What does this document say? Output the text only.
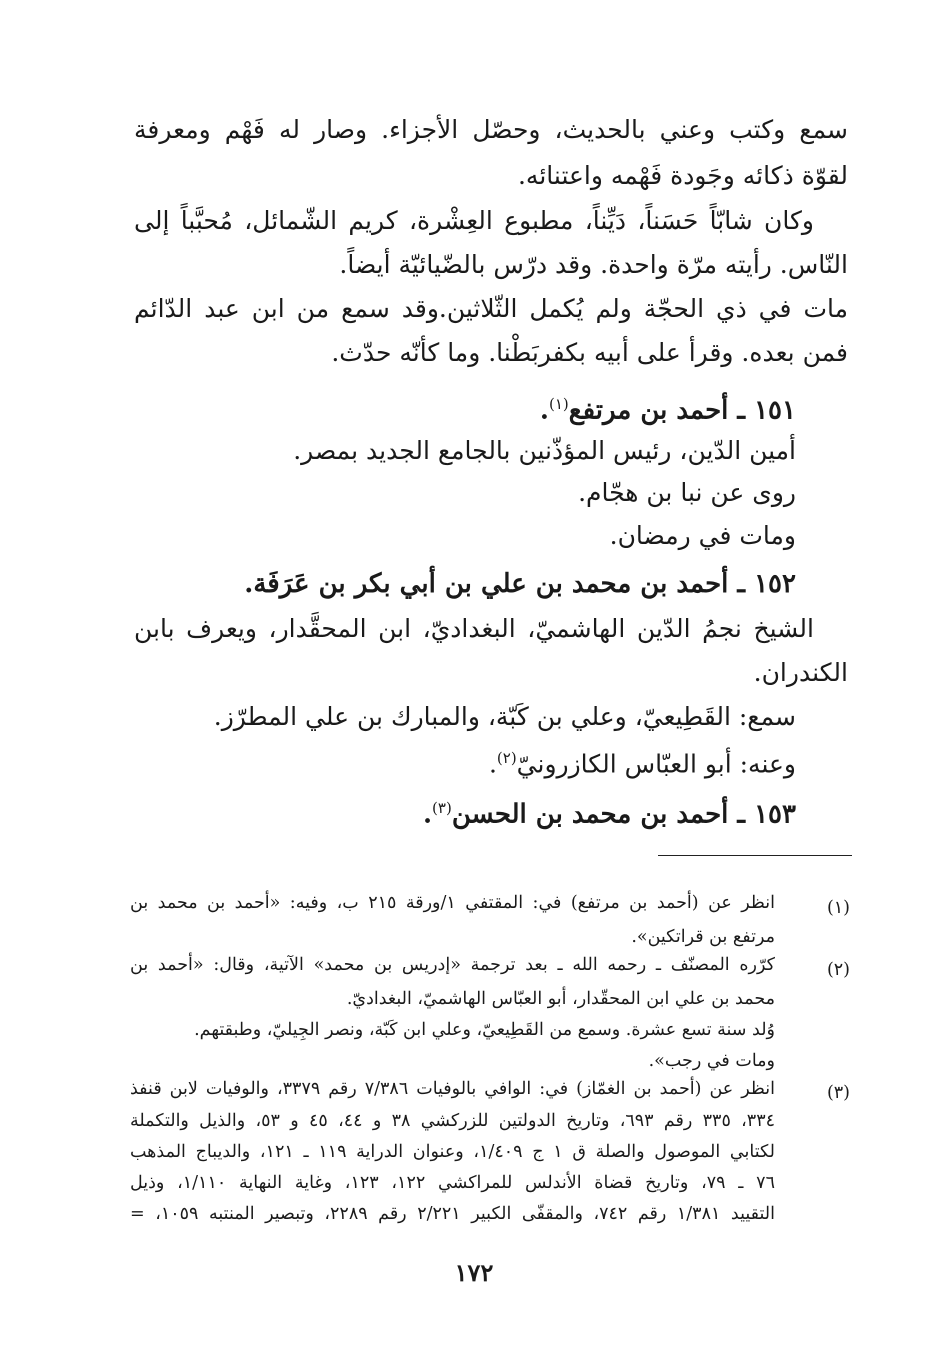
سمع وكتب وعني بالحديث، وحصّل الأجزاء. وصار له فَهْم ومعرفة
لقوّة ذكائه وجَودة فَهْمه واعتنائه.
وكان شابّاً حَسَناً، دَيِّناً، مطبوع العِشْرة، كريم الشّمائل، مُحبَّباً إلى
النّاس. رأيته مرّة واحدة. وقد درّس بالضّيائيّة أيضاً.
مات في ذي الحجّة ولم يُكمل الثّلاثين.وقد سمع من ابن عبد الدّائم
فمن بعده. وقرأ على أبيه بكفربَطْنا. وما كأنّه حدّث.
١٥١ ـ أحمد بن مرتفع$^{(١)}$.
أمين الدّين، رئيس المؤذّنين بالجامع الجديد بمصر.
روى عن نبا بن هجّام.
ومات في رمضان.
١٥٢ ـ أحمد بن محمد بن علي بن أبي بكر بن عَرَفَة.
الشيخ نجمُ الدّين الهاشميّ، البغداديّ، ابن المحقَّدار، ويعرف بابن
الكندران.
سمع: القَطِيعيّ، وعلي بن كَبّة، والمبارك بن علي المطرّز.
وعنه: أبو العبّاس الكازرونيّ$^{(٢)}$.
١٥٣ ـ أحمد بن محمد بن الحسن$^{(٣)}$.
(١)
انظر عن (أحمد بن مرتفع) في: المقتفي ١/ورقة ٢١٥ ب، وفيه: «أحمد بن محمد بن
مرتفع بن قراتكين».
(٢)
كرّره المصنّف ـ رحمه الله ـ بعد ترجمة «إدريس بن محمد» الآتية، وقال: «أحمد بن
محمد بن علي ابن المحقّدار، أبو العبّاس الهاشميّ، البغداديّ.
وُلد سنة تسع عشرة. وسمع من القَطِيعيّ، وعلي ابن كَبّة، ونصر الجِيليّ، وطبقتهم.
ومات في رجب».
(٣)
انظر عن (أحمد بن الغمّاز) في: الوافي بالوفيات ٧/٣٨٦ رقم ٣٣٧٩، والوفيات لابن قنفذ
٣٣٤، ٣٣٥ رقم ٦٩٣، وتاريخ الدولتين للزركشي ٣٨ و ٤٤، ٤٥ و ٥٣، والذيل والتكملة
لكتابي الموصول والصلة ق ١ ج ١/٤٠٩، وعنوان الدراية ١١٩ ـ ١٢١، والديباج المذهب
٧٦ ـ ٧٩، وتاريخ قضاة الأندلس للمراكشي ١٢٢، ١٢٣، وغاية النهاية ١/١١٠، وذيل
التقييد ١/٣٨١ رقم ٧٤٢، والمقفّى الكبير ٢/٢٢١ رقم ٢٢٨٩، وتبصير المنتبه ١٠٥٩، =
١٧٢
